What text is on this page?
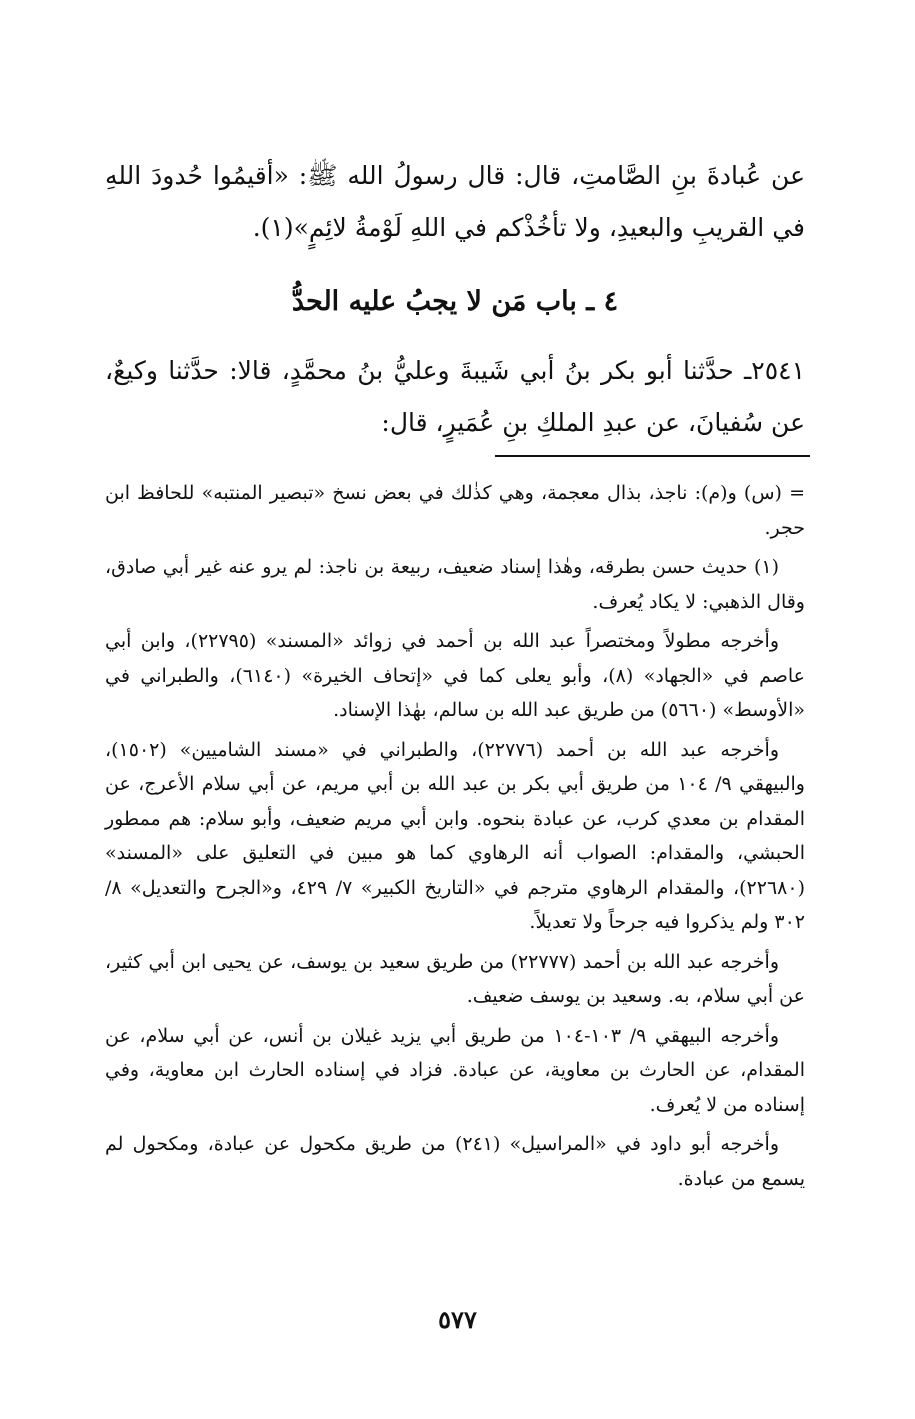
عن عُبادةَ بنِ الصَّامتِ، قال: قال رسولُ الله ﷺ: «أقيمُوا حُدودَ اللهِ في القريبِ والبعيدِ، ولا تأخُذْكم في اللهِ لَوْمةُ لائِمٍ»(١).

٤ ـ باب مَن لا يجبُ عليه الحدُّ

٢٥٤١ـ حدَّثنا أبو بكر بنُ أبي شَيبةَ وعليُّ بنُ محمَّدٍ، قالا: حدَّثنا وكيعٌ، عن سُفيانَ، عن عبدِ الملكِ بنِ عُمَيرٍ، قال:

= (س) و(م): ناجذ، بذال معجمة، وهي كذٰلك في بعض نسخ «تبصير المنتبه» للحافظ ابن حجر.

(١) حديث حسن بطرقه، وهٰذا إسناد ضعيف، ربيعة بن ناجذ: لم يرو عنه غير أبي صادق، وقال الذهبي: لا يكاد يُعرف.

وأخرجه مطولاً ومختصراً عبد الله بن أحمد في زوائد «المسند» (٢٢٧٩٥)، وابن أبي عاصم في «الجهاد» (٨)، وأبو يعلى كما في «إتحاف الخيرة» (٦١٤٠)، والطبراني في «الأوسط» (٥٦٦٠) من طريق عبد الله بن سالم، بهٰذا الإسناد.

وأخرجه عبد الله بن أحمد (٢٢٧٧٦)، والطبراني في «مسند الشاميين» (١٥٠٢)، والبيهقي ٩/ ١٠٤ من طريق أبي بكر بن عبد الله بن أبي مريم، عن أبي سلام الأعرج، عن المقدام بن معدي كرب، عن عبادة بنحوه. وابن أبي مريم ضعيف، وأبو سلام: هم ممطور الحبشي، والمقدام: الصواب أنه الرهاوي كما هو مبين في التعليق على «المسند» (٢٢٦٨٠)، والمقدام الرهاوي مترجم في «التاريخ الكبير» ٧/ ٤٢٩، و«الجرح والتعديل» ٨/ ٣٠٢ ولم يذكروا فيه جرحاً ولا تعديلاً.

وأخرجه عبد الله بن أحمد (٢٢٧٧٧) من طريق سعيد بن يوسف، عن يحيى ابن أبي كثير، عن أبي سلام، به. وسعيد بن يوسف ضعيف.

وأخرجه البيهقي ٩/ ١٠٣-١٠٤ من طريق أبي يزيد غيلان بن أنس، عن أبي سلام، عن المقدام، عن الحارث بن معاوية، عن عبادة. فزاد في إسناده الحارث ابن معاوية، وفي إسناده من لا يُعرف.

وأخرجه أبو داود في «المراسيل» (٢٤١) من طريق مكحول عن عبادة، ومكحول لم يسمع من عبادة.

٥٧٧
